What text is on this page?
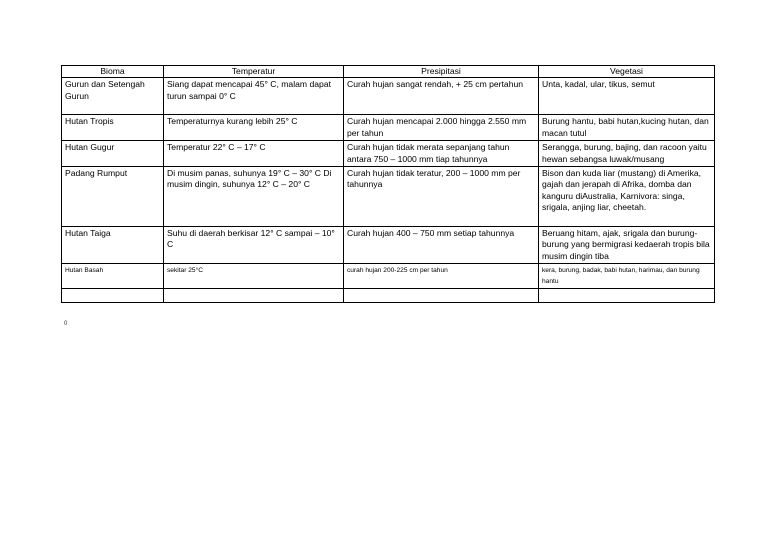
Bioma	Temperatur	Presipitasi	Vegetasi
Gurun dan Setengah Gurun	Siang dapat mencapai 45° C, malam dapat turun sampai 0° C	Curah hujan sangat rendah, + 25 cm pertahun	Unta, kadal, ular, tikus, semut
Hutan Tropis	Temperaturnya kurang lebih 25° C	Curah hujan mencapai 2.000 hingga 2.550 mm per tahun	Burung hantu, babi hutan,kucing hutan, dan macan tutul
Hutan Gugur	Temperatur 22° C – 17° C	Curah hujan tidak merata sepanjang tahun antara 750 – 1000 mm tiap tahunnya	Serangga, burung, bajing, dan racoon yaitu hewan sebangsa luwak/musang
Padang Rumput	Di musim panas, suhunya 19° C – 30° C Di musim dingin, suhunya 12° C – 20° C	Curah hujan tidak teratur, 200 – 1000 mm per tahunnya	Bison dan kuda liar (mustang) di Amerika, gajah dan jerapah di Afrika, domba dan kanguru diAustralia, Karnivora: singa, srigala, anjing liar, cheetah.
Hutan Taiga	Suhu di daerah berkisar 12° C sampai – 10° C	Curah hujan 400 – 750 mm setiap tahunnya	Beruang hitam, ajak, srigala dan burung-burung yang bermigrasi kedaerah tropis bila musim dingin tiba
Hutan Basah	sekitar 25°C	curah hujan 200-225 cm per tahun	kera, burung, badak, babi hutan, harimau, dan burung hantu

0
